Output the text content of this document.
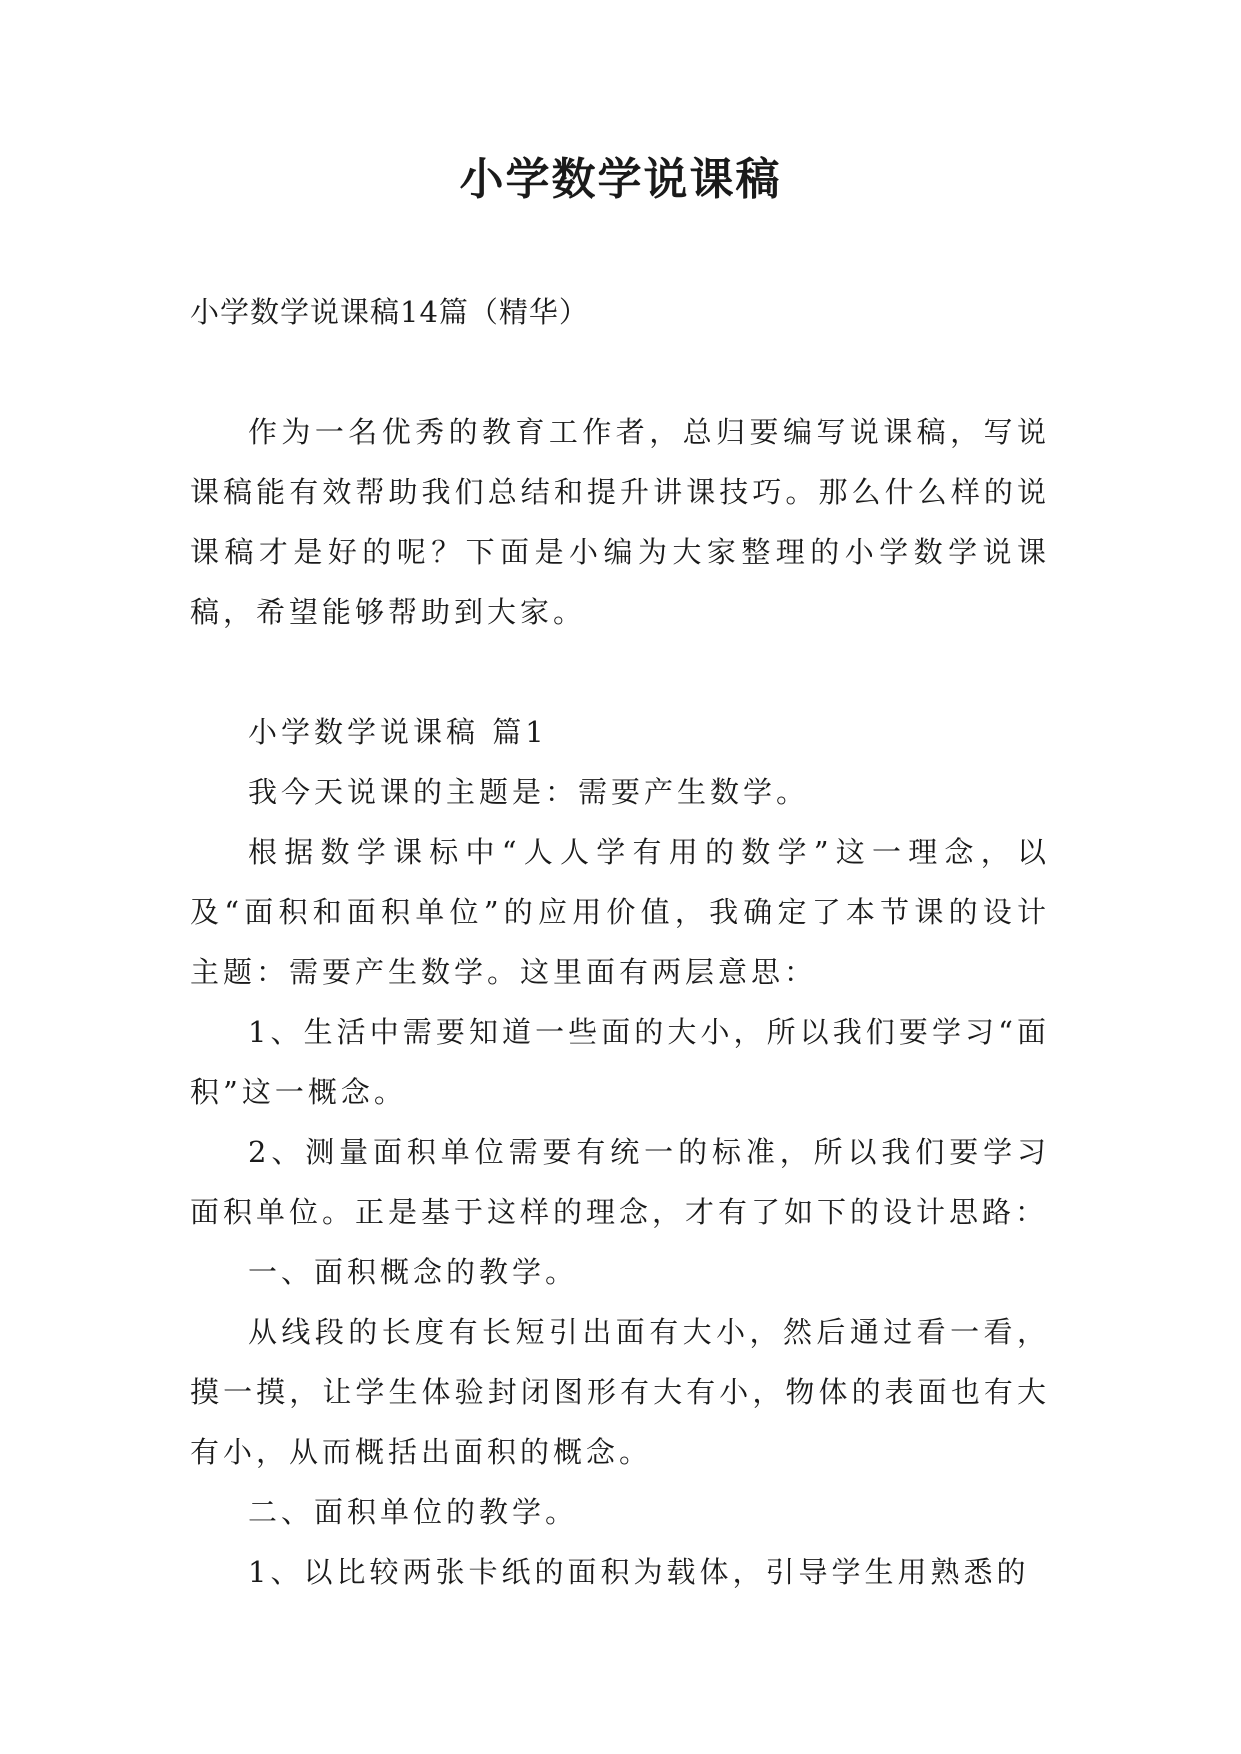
小学数学说课稿
小学数学说课稿14篇（精华）

作为一名优秀的教育工作者，总归要编写说课稿，写说课稿能有效帮助我们总结和提升讲课技巧。那么什么样的说课稿才是好的呢？下面是小编为大家整理的小学数学说课稿，希望能够帮助到大家。

小学数学说课稿 篇1

我今天说课的主题是：需要产生数学。

根据数学课标中“人人学有用的数学”这一理念，以及“面积和面积单位”的应用价值，我确定了本节课的设计主题：需要产生数学。这里面有两层意思：

1、生活中需要知道一些面的大小，所以我们要学习“面积”这一概念。

2、测量面积单位需要有统一的标准，所以我们要学习面积单位。正是基于这样的理念，才有了如下的设计思路：

一、面积概念的教学。

从线段的长度有长短引出面有大小，然后通过看一看，摸一摸，让学生体验封闭图形有大有小，物体的表面也有大有小，从而概括出面积的概念。

二、面积单位的教学。

1、以比较两张卡纸的面积为载体，引导学生用熟悉的
